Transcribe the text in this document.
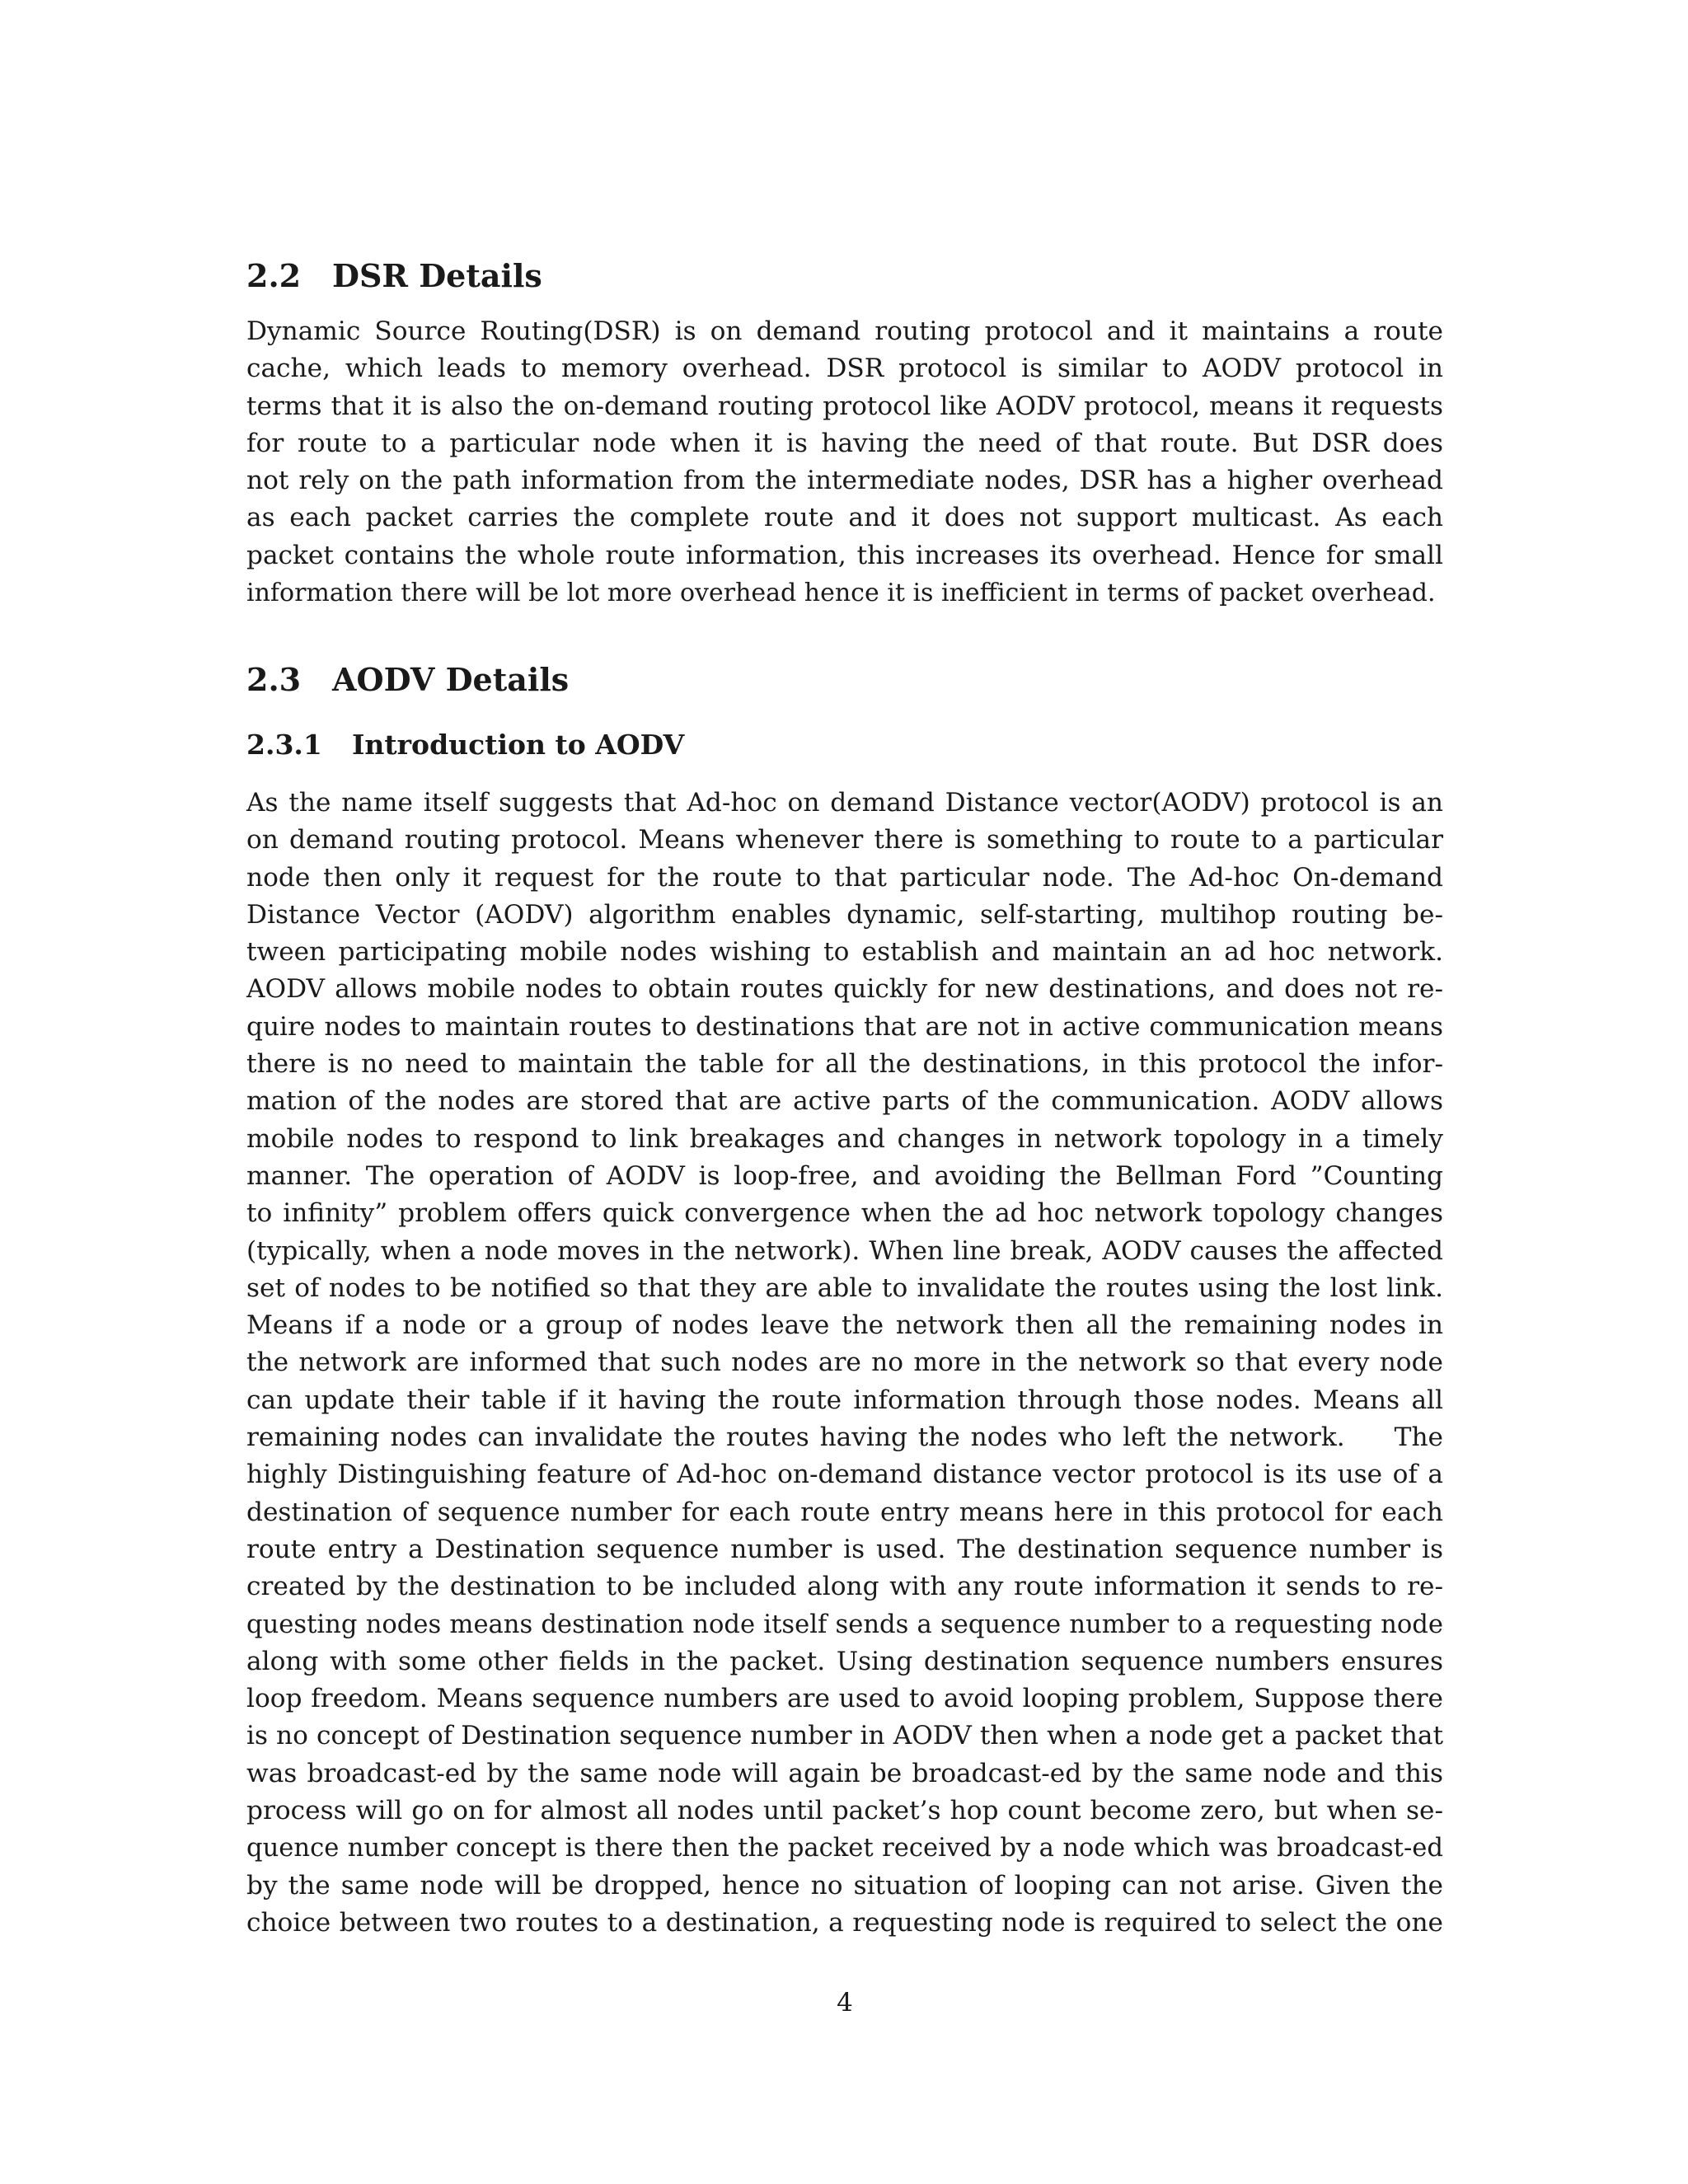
2.2 DSR Details
Dynamic Source Routing(DSR) is on demand routing protocol and it maintains a route
cache, which leads to memory overhead. DSR protocol is similar to AODV protocol in
terms that it is also the on-demand routing protocol like AODV protocol, means it requests
for route to a particular node when it is having the need of that route. But DSR does
not rely on the path information from the intermediate nodes, DSR has a higher overhead
as each packet carries the complete route and it does not support multicast. As each
packet contains the whole route information, this increases its overhead. Hence for small
information there will be lot more overhead hence it is inefficient in terms of packet overhead.
2.3 AODV Details
2.3.1 Introduction to AODV
As the name itself suggests that Ad-hoc on demand Distance vector(AODV) protocol is an
on demand routing protocol. Means whenever there is something to route to a particular
node then only it request for the route to that particular node. The Ad-hoc On-demand
Distance Vector (AODV) algorithm enables dynamic, self-starting, multihop routing be-
tween participating mobile nodes wishing to establish and maintain an ad hoc network.
AODV allows mobile nodes to obtain routes quickly for new destinations, and does not re-
quire nodes to maintain routes to destinations that are not in active communication means
there is no need to maintain the table for all the destinations, in this protocol the infor-
mation of the nodes are stored that are active parts of the communication. AODV allows
mobile nodes to respond to link breakages and changes in network topology in a timely
manner. The operation of AODV is loop-free, and avoiding the Bellman Ford ”Counting
to infinity” problem offers quick convergence when the ad hoc network topology changes
(typically, when a node moves in the network). When line break, AODV causes the affected
set of nodes to be notified so that they are able to invalidate the routes using the lost link.
Means if a node or a group of nodes leave the network then all the remaining nodes in
the network are informed that such nodes are no more in the network so that every node
can update their table if it having the route information through those nodes. Means all
remaining nodes can invalidate the routes having the nodes who left the network. The
highly Distinguishing feature of Ad-hoc on-demand distance vector protocol is its use of a
destination of sequence number for each route entry means here in this protocol for each
route entry a Destination sequence number is used. The destination sequence number is
created by the destination to be included along with any route information it sends to re-
questing nodes means destination node itself sends a sequence number to a requesting node
along with some other fields in the packet. Using destination sequence numbers ensures
loop freedom. Means sequence numbers are used to avoid looping problem, Suppose there
is no concept of Destination sequence number in AODV then when a node get a packet that
was broadcast-ed by the same node will again be broadcast-ed by the same node and this
process will go on for almost all nodes until packet’s hop count become zero, but when se-
quence number concept is there then the packet received by a node which was broadcast-ed
by the same node will be dropped, hence no situation of looping can not arise. Given the
choice between two routes to a destination, a requesting node is required to select the one

4
